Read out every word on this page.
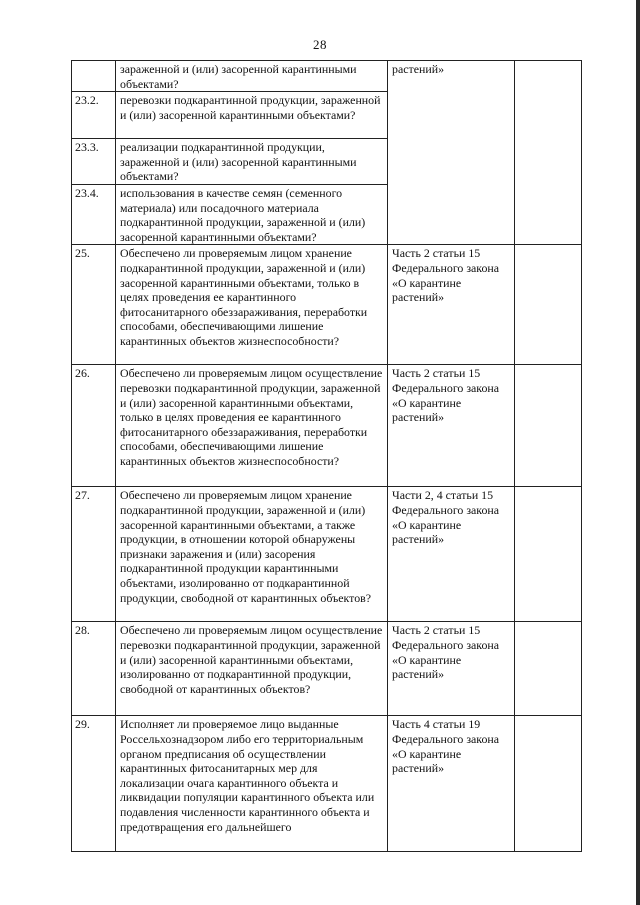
28
	зараженной и (или) засоренной карантинными объектами?	растений»	
23.2.	перевозки подкарантинной продукции, зараженной и (или) засоренной карантинными объектами?		
23.3.	реализации подкарантинной продукции, зараженной и (или) засоренной карантинными объектами?		
23.4.	использования в качестве семян (семенного материала) или посадочного материала подкарантинной продукции, зараженной и (или) засоренной карантинными объектами?		
25.	Обеспечено ли проверяемым лицом хранение подкарантинной продукции, зараженной и (или) засоренной карантинными объектами, только в целях проведения ее карантинного фитосанитарного обеззараживания, переработки способами, обеспечивающими лишение карантинных объектов жизнеспособности?	Часть 2 статьи 15 Федерального закона «О карантине растений»	
26.	Обеспечено ли проверяемым лицом осуществление перевозки подкарантинной продукции, зараженной и (или) засоренной карантинными объектами, только в целях проведения ее карантинного фитосанитарного обеззараживания, переработки способами, обеспечивающими лишение карантинных объектов жизнеспособности?	Часть 2 статьи 15 Федерального закона «О карантине растений»	
27.	Обеспечено ли проверяемым лицом хранение подкарантинной продукции, зараженной и (или) засоренной карантинными объектами, а также продукции, в отношении которой обнаружены признаки заражения и (или) засорения подкарантинной продукции карантинными объектами, изолированно от подкарантинной продукции, свободной от карантинных объектов?	Части 2, 4 статьи 15 Федерального закона «О карантине растений»	
28.	Обеспечено ли проверяемым лицом осуществление перевозки подкарантинной продукции, зараженной и (или) засоренной карантинными объектами, изолированно от подкарантинной продукции, свободной от карантинных объектов?	Часть 2 статьи 15 Федерального закона «О карантине растений»	
29.	Исполняет ли проверяемое лицо выданные Россельхознадзором либо его территориальным органом предписания об осуществлении карантинных фитосанитарных мер для локализации очага карантинного объекта и ликвидации популяции карантинного объекта или подавления численности карантинного объекта и предотвращения его дальнейшего	Часть 4 статьи 19 Федерального закона «О карантине растений»	
